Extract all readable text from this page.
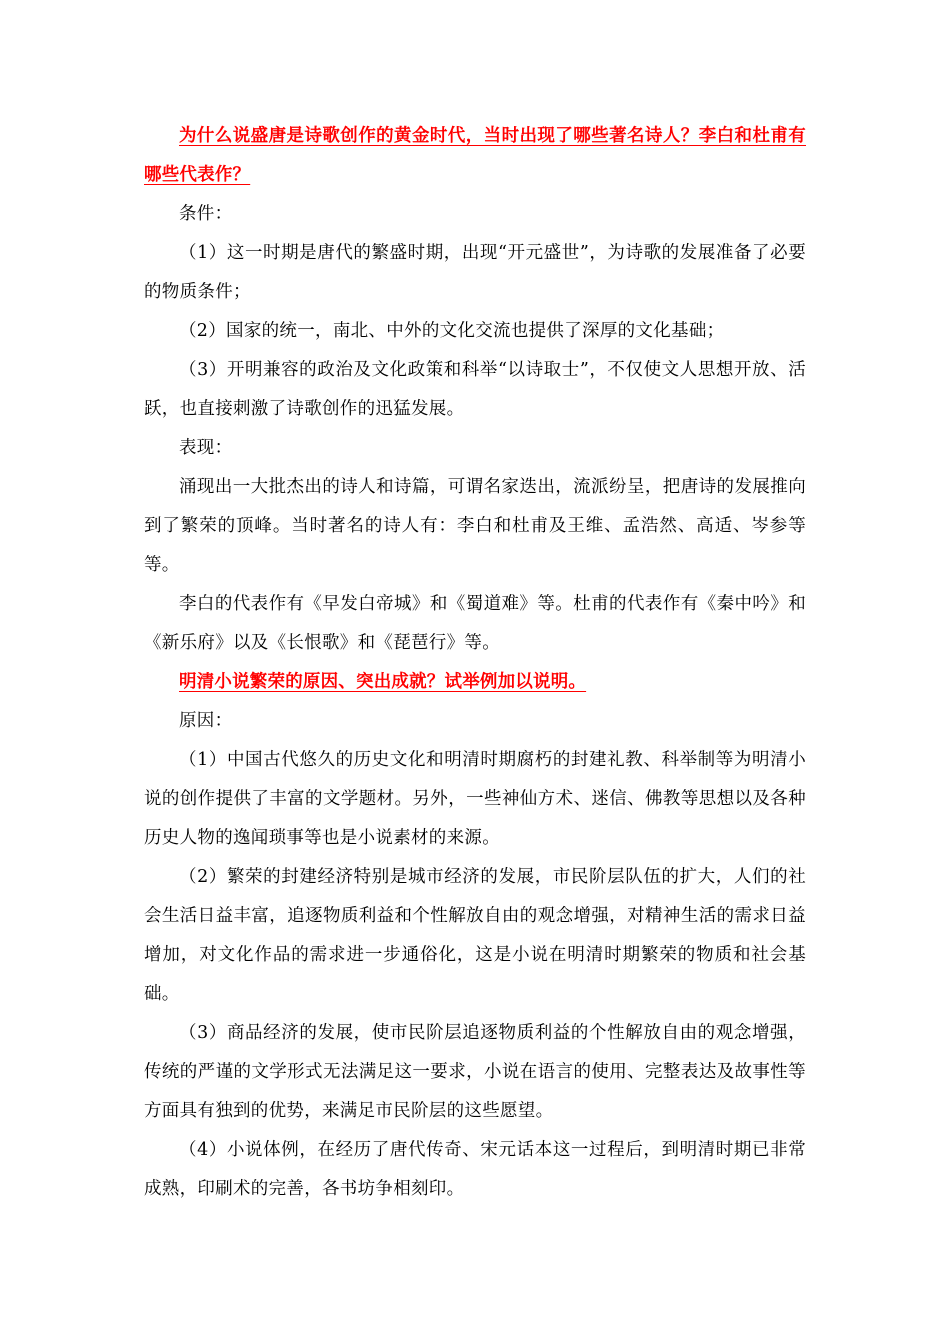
为什么说盛唐是诗歌创作的黄金时代，当时出现了哪些著名诗人？李白和杜甫有哪些代表作？

条件：

（1）这一时期是唐代的繁盛时期，出现“开元盛世”，为诗歌的发展准备了必要的物质条件；

（2）国家的统一，南北、中外的文化交流也提供了深厚的文化基础；

（3）开明兼容的政治及文化政策和科举“以诗取士”，不仅使文人思想开放、活跃，也直接刺激了诗歌创作的迅猛发展。

表现：

涌现出一大批杰出的诗人和诗篇，可谓名家迭出，流派纷呈，把唐诗的发展推向到了繁荣的顶峰。当时著名的诗人有：李白和杜甫及王维、孟浩然、高适、岑参等等。

李白的代表作有《早发白帝城》和《蜀道难》等。杜甫的代表作有《秦中吟》和《新乐府》以及《长恨歌》和《琵琶行》等。

明清小说繁荣的原因、突出成就？试举例加以说明。

原因：

（1）中国古代悠久的历史文化和明清时期腐朽的封建礼教、科举制等为明清小说的创作提供了丰富的文学题材。另外，一些神仙方术、迷信、佛教等思想以及各种历史人物的逸闻琐事等也是小说素材的来源。

（2）繁荣的封建经济特别是城市经济的发展，市民阶层队伍的扩大，人们的社会生活日益丰富，追逐物质利益和个性解放自由的观念增强，对精神生活的需求日益增加，对文化作品的需求进一步通俗化，这是小说在明清时期繁荣的物质和社会基础。

（3）商品经济的发展，使市民阶层追逐物质利益的个性解放自由的观念增强，传统的严谨的文学形式无法满足这一要求，小说在语言的使用、完整表达及故事性等方面具有独到的优势，来满足市民阶层的这些愿望。

（4）小说体例，在经历了唐代传奇、宋元话本这一过程后，到明清时期已非常成熟，印刷术的完善，各书坊争相刻印。
